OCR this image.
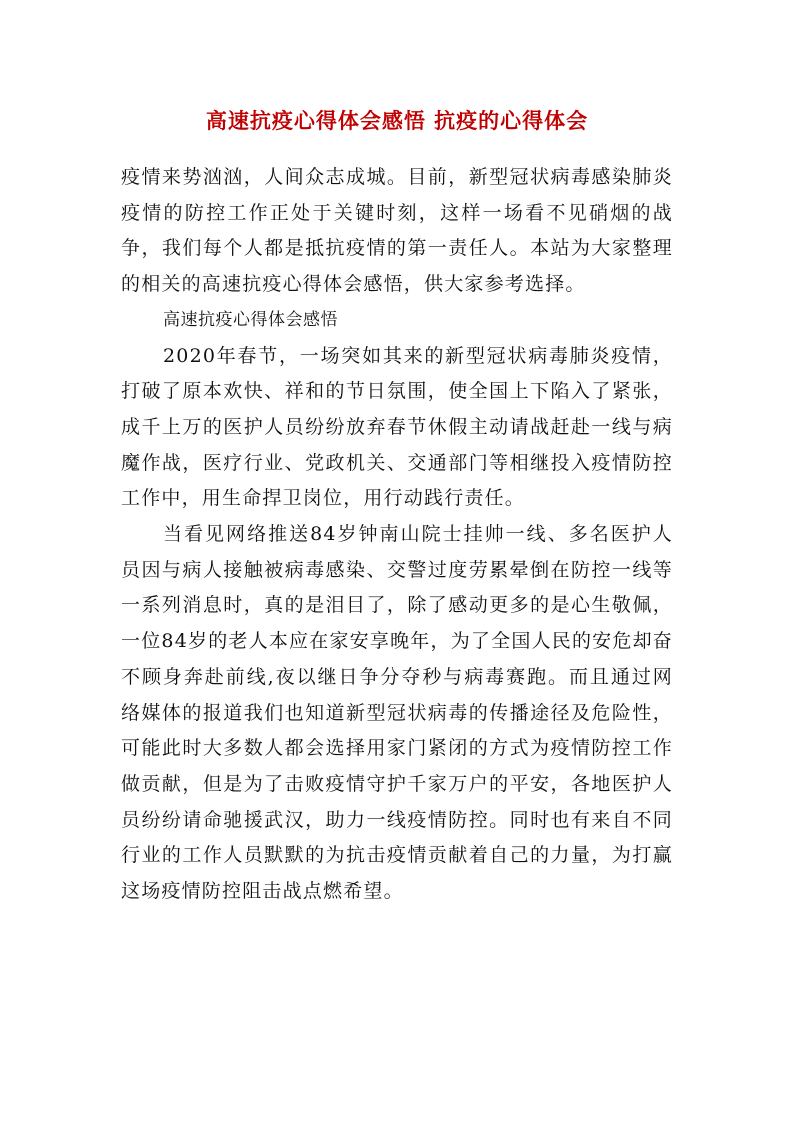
高速抗疫心得体会感悟 抗疫的心得体会

疫情来势汹汹，人间众志成城。目前，新型冠状病毒感染肺炎疫情的防控工作正处于关键时刻，这样一场看不见硝烟的战争，我们每个人都是抵抗疫情的第一责任人。本站为大家整理的相关的高速抗疫心得体会感悟，供大家参考选择。

高速抗疫心得体会感悟

2020年春节，一场突如其来的新型冠状病毒肺炎疫情，打破了原本欢快、祥和的节日氛围，使全国上下陷入了紧张，成千上万的医护人员纷纷放弃春节休假主动请战赶赴一线与病魔作战，医疗行业、党政机关、交通部门等相继投入疫情防控工作中，用生命捍卫岗位，用行动践行责任。

当看见网络推送84岁钟南山院士挂帅一线、多名医护人员因与病人接触被病毒感染、交警过度劳累晕倒在防控一线等一系列消息时，真的是泪目了，除了感动更多的是心生敬佩，一位84岁的老人本应在家安享晚年，为了全国人民的安危却奋不顾身奔赴前线,夜以继日争分夺秒与病毒赛跑。而且通过网络媒体的报道我们也知道新型冠状病毒的传播途径及危险性，可能此时大多数人都会选择用家门紧闭的方式为疫情防控工作做贡献，但是为了击败疫情守护千家万户的平安，各地医护人员纷纷请命驰援武汉，助力一线疫情防控。同时也有来自不同行业的工作人员默默的为抗击疫情贡献着自己的力量，为打赢这场疫情防控阻击战点燃希望。
